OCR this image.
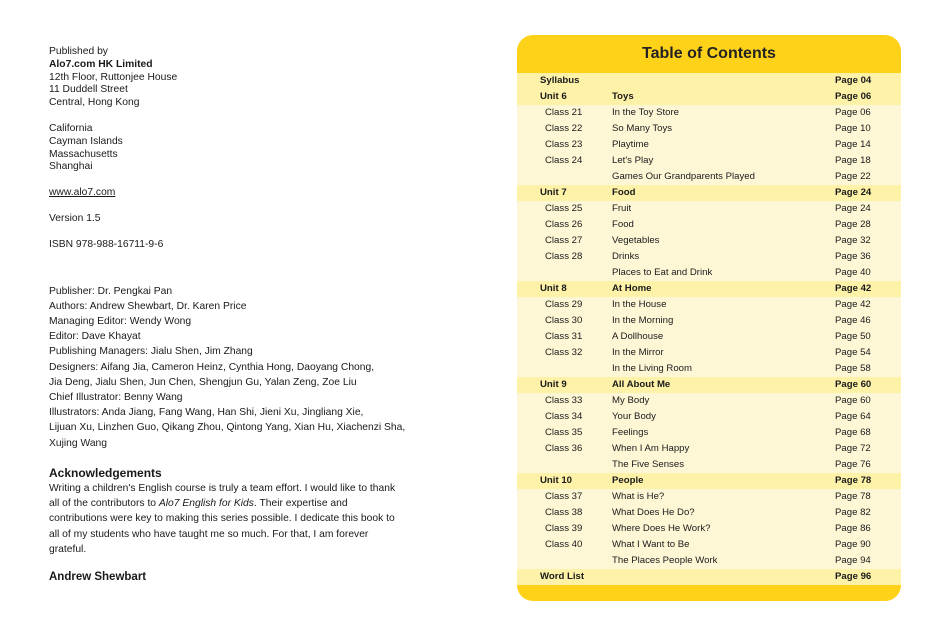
Published by
Alo7.com HK Limited
12th Floor, Ruttonjee House
11 Duddell Street
Central, Hong Kong
California
Cayman Islands
Massachusetts
Shanghai
www.alo7.com
Version 1.5
ISBN 978-988-16711-9-6
Publisher: Dr. Pengkai Pan
Authors: Andrew Shewbart, Dr. Karen Price
Managing Editor: Wendy Wong
Editor: Dave Khayat
Publishing Managers: Jialu Shen, Jim Zhang
Designers: Aifang Jia, Cameron Heinz, Cynthia Hong, Daoyang Chong,
Jia Deng, Jialu Shen, Jun Chen, Shengjun Gu, Yalan Zeng, Zoe Liu
Chief Illustrator: Benny Wang
Illustrators: Anda Jiang, Fang Wang, Han Shi, Jieni Xu, Jingliang Xie,
Lijuan Xu, Linzhen Guo, Qikang Zhou, Qintong Yang, Xian Hu, Xiachenzi Sha,
Xujing Wang
Acknowledgements
Writing a children's English course is truly a team effort. I would like to thank
all of the contributors to Alo7 English for Kids. Their expertise and
contributions were key to making this series possible. I dedicate this book to
all of my students who have taught me so much. For that, I am forever
grateful.
Andrew Shewbart
Table of Contents
Syllabus	Page 04
Unit 6	Toys	Page 06
Class 21	In the Toy Store	Page 06
Class 22	So Many Toys	Page 10
Class 23	Playtime	Page 14
Class 24	Let's Play	Page 18
Games Our Grandparents Played	Page 22
Unit 7	Food	Page 24
Class 25	Fruit	Page 24
Class 26	Food	Page 28
Class 27	Vegetables	Page 32
Class 28	Drinks	Page 36
Places to Eat and Drink	Page 40
Unit 8	At Home	Page 42
Class 29	In the House	Page 42
Class 30	In the Morning	Page 46
Class 31	A Dollhouse	Page 50
Class 32	In the Mirror	Page 54
In the Living Room	Page 58
Unit 9	All About Me	Page 60
Class 33	My Body	Page 60
Class 34	Your Body	Page 64
Class 35	Feelings	Page 68
Class 36	When I Am Happy	Page 72
The Five Senses	Page 76
Unit 10	People	Page 78
Class 37	What is He?	Page 78
Class 38	What Does He Do?	Page 82
Class 39	Where Does He Work?	Page 86
Class 40	What I Want to Be	Page 90
The Places People Work	Page 94
Word List	Page 96
